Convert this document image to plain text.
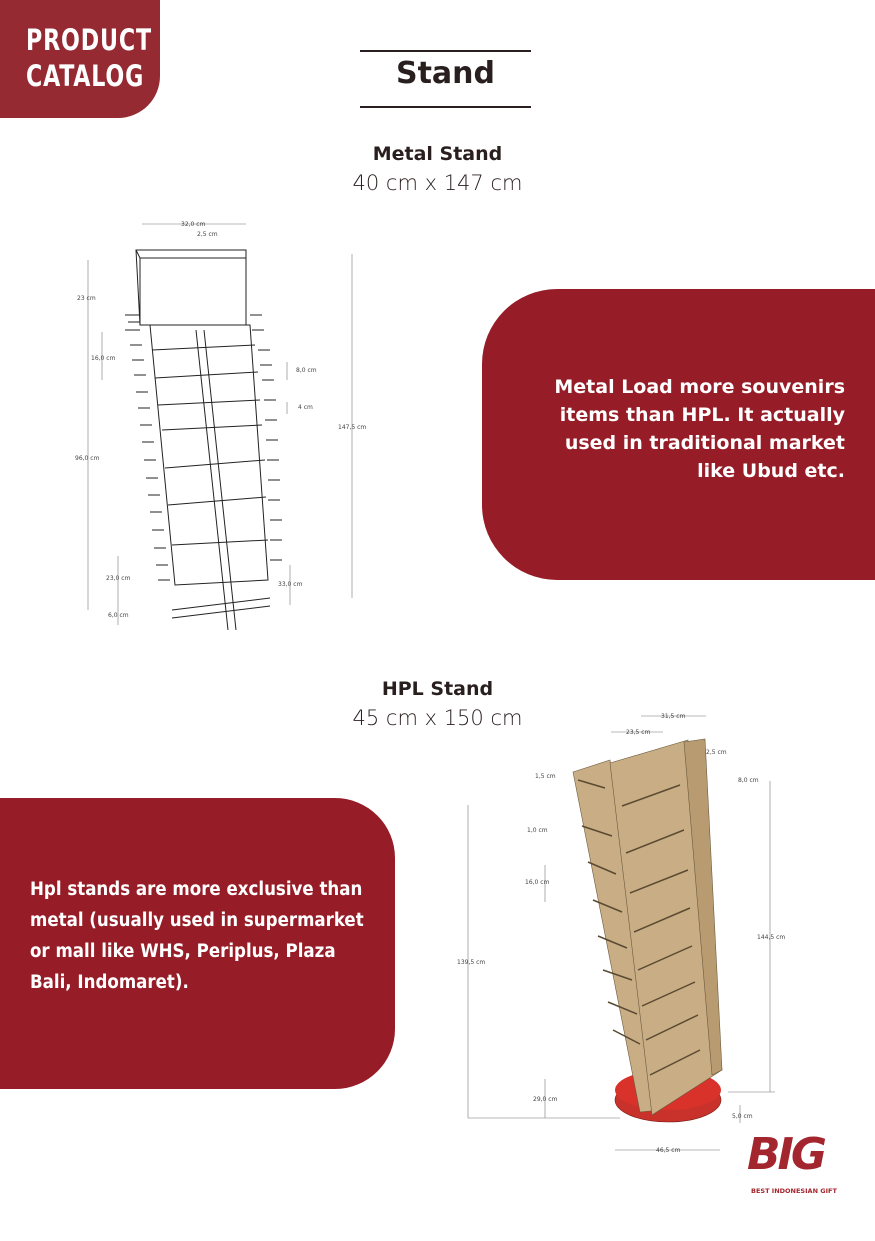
PRODUCT
CATALOG	Stand
Metal Stand
40 cm x 147 cm
32,0 cm
2,5 cm
23 cm
16,0 cm
8,0 cm
4 cm
147,5 cm
96,0 cm
23,0 cm
33,0 cm
6,0 cm

Metal Load more souvenirs items than HPL. It actually used in traditional market like Ubud etc.

HPL Stand
45 cm x 150 cm

Hpl stands are more exclusive than metal (usually used in supermarket or mall like WHS, Periplus, Plaza Bali, Indomaret).

31,5 cm
23,5 cm
2,5 cm
1,5 cm
8,0 cm
1,0 cm
16,0 cm
139,5 cm
144,5 cm
29,0 cm
5,0 cm
46,5 cm BIG
BEST INDONESIAN GIFT
